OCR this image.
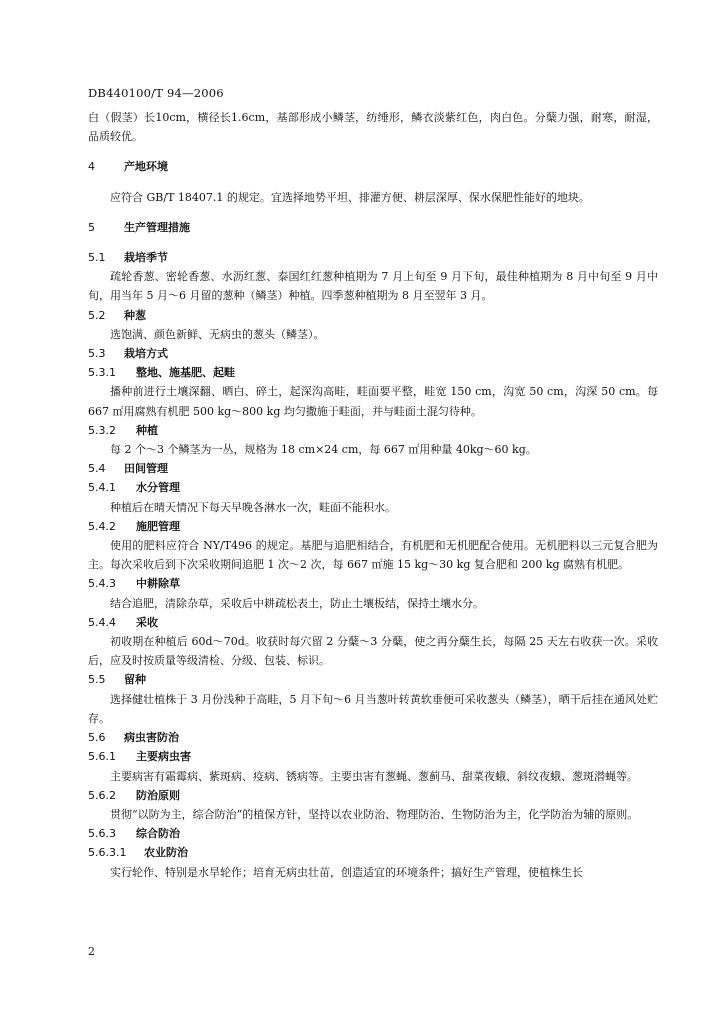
DB440100/T 94—2006

白（假茎）长10cm，横径长1.6cm，基部形成小鳞茎，纺缍形，鳞衣淡紫红色，肉白色。分蘖力强，耐寒，耐湿，品质较优。

4	产地环境

应符合 GB/T 18407.1 的规定。宜选择地势平坦、排灌方便、耕层深厚、保水保肥性能好的地块。

5	生产管理措施
5.1 栽培季节

疏轮香葱、密轮香葱、水沥红葱、泰国红红葱种植期为 7 月上旬至 9 月下旬，最佳种植期为 8 月中旬至 9 月中旬，用当年 5 月～6 月留的葱种（鳞茎）种植。四季葱种植期为 8 月至翌年 3 月。

5.2 种葱

选饱满、颜色新鲜、无病虫的葱头（鳞茎）。

5.3 栽培方式
5.3.1 整地、施基肥、起畦

播种前进行土壤深翻、晒白、碎土，起深沟高畦，畦面要平整，畦宽 150 cm，沟宽 50 cm，沟深 50 cm。每 667 ㎡用腐熟有机肥 500 kg～800 kg 均匀撒施于畦面，并与畦面土混匀待种。

5.3.2 种植

每 2 个～3 个鳞茎为一丛，规格为 18 cm×24 cm，每 667 ㎡用种量 40kg～60 kg。

5.4 田间管理
5.4.1 水分管理

种植后在晴天情况下每天早晚各淋水一次，畦面不能积水。

5.4.2 施肥管理

使用的肥料应符合 NY/T496 的规定。基肥与追肥相结合，有机肥和无机肥配合使用。无机肥料以三元复合肥为主。每次采收后到下次采收期间追肥 1 次～2 次，每 667 ㎡施 15 kg～30 kg 复合肥和 200 kg 腐熟有机肥。

5.4.3 中耕除草

结合追肥，清除杂草，采收后中耕疏松表土，防止土壤板结，保持土壤水分。

5.4.4 采收

初收期在种植后 60d～70d。收获时每穴留 2 分蘖～3 分蘖，使之再分蘖生长，每隔 25 天左右收获一次。采收后，应及时按质量等级清检、分级、包装、标识。

5.5 留种

选择健壮植株于 3 月份浅种于高畦，5 月下旬～6 月当葱叶转黄软垂便可采收葱头（鳞茎），晒干后挂在通风处贮存。

5.6 病虫害防治
5.6.1 主要病虫害

主要病害有霜霉病、紫斑病、疫病、锈病等。主要虫害有葱蝇、葱蓟马、甜菜夜蛾、斜纹夜蛾、葱斑潜蝇等。

5.6.2 防治原则

贯彻“以防为主，综合防治”的植保方针，坚持以农业防治、物理防治、生物防治为主，化学防治为辅的原则。

5.6.3 综合防治
5.6.3.1 农业防治

实行轮作、特别是水旱轮作；培育无病虫壮苗，创造适宜的环境条件；搞好生产管理，使植株生长

2
